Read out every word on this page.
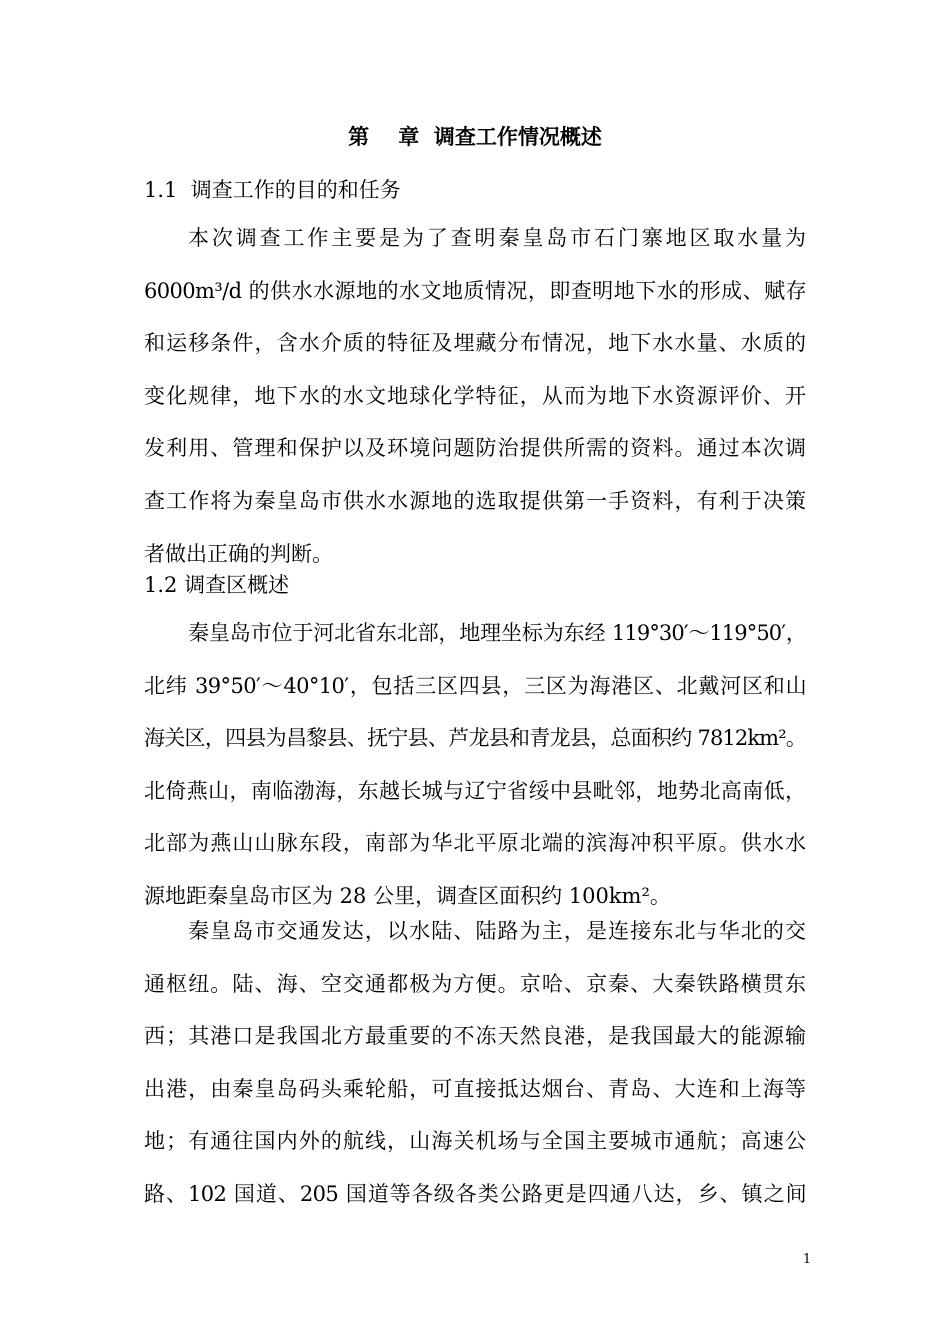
第    章  调查工作情况概述
1.1  调查工作的目的和任务
本次调查工作主要是为了查明秦皇岛市石门寨地区取水量为
6000m³/d 的供水水源地的水文地质情况，即查明地下水的形成、赋存
和运移条件，含水介质的特征及埋藏分布情况，地下水水量、水质的
变化规律，地下水的水文地球化学特征，从而为地下水资源评价、开
发利用、管理和保护以及环境问题防治提供所需的资料。通过本次调
查工作将为秦皇岛市供水水源地的选取提供第一手资料，有利于决策
者做出正确的判断。
1.2 调查区概述
秦皇岛市位于河北省东北部，地理坐标为东经 119°30′～119°50′，
北纬 39°50′～40°10′，包括三区四县，三区为海港区、北戴河区和山
海关区，四县为昌黎县、抚宁县、芦龙县和青龙县，总面积约 7812km²。
北倚燕山，南临渤海，东越长城与辽宁省绥中县毗邻，地势北高南低，
北部为燕山山脉东段，南部为华北平原北端的滨海冲积平原。供水水
源地距秦皇岛市区为 28 公里，调查区面积约 100km²。
秦皇岛市交通发达，以水陆、陆路为主，是连接东北与华北的交
通枢纽。陆、海、空交通都极为方便。京哈、京秦、大秦铁路横贯东
西；其港口是我国北方最重要的不冻天然良港，是我国最大的能源输
出港，由秦皇岛码头乘轮船，可直接抵达烟台、青岛、大连和上海等
地；有通往国内外的航线，山海关机场与全国主要城市通航；高速公
路、102 国道、205 国道等各级各类公路更是四通八达，乡、镇之间
1
